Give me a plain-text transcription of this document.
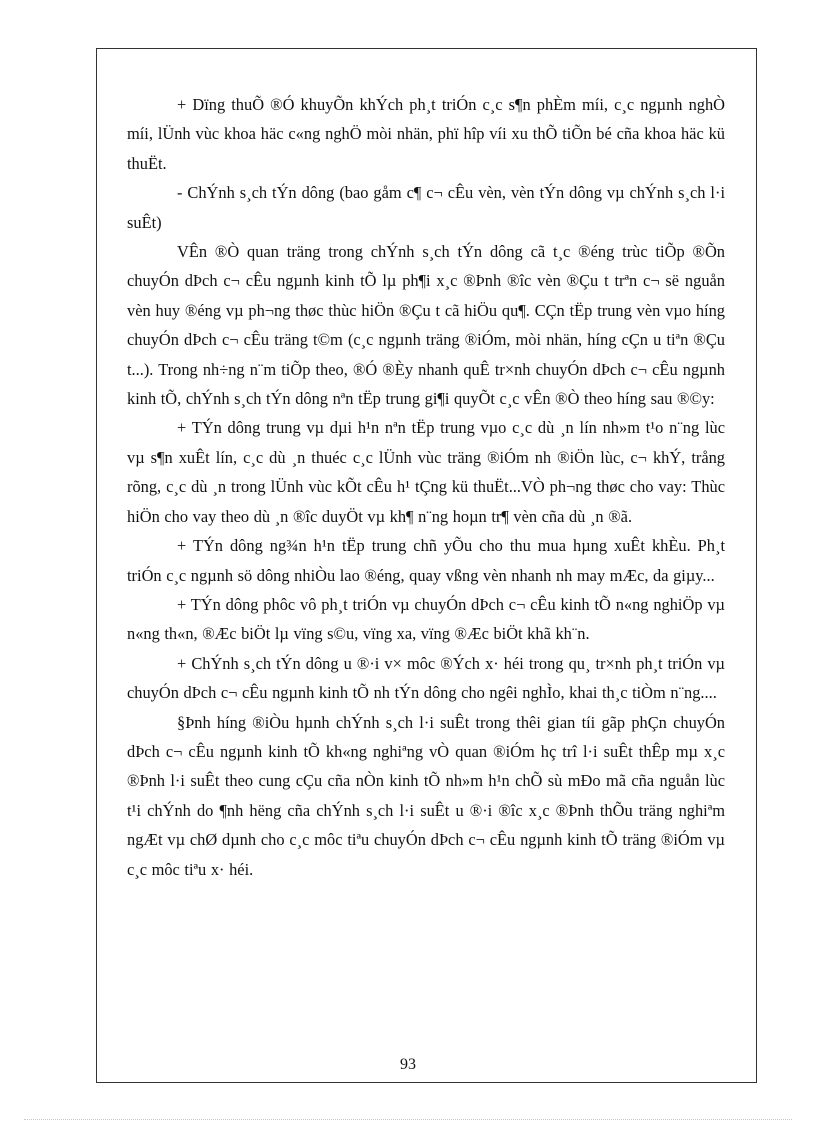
+ Dïng thuÕ ®Ó khuyÕn khÝch ph¸t triÓn c¸c s¶n phÈm míi, c¸c ngµnh nghÒ míi, lÜnh vùc khoa häc c«ng nghÖ mòi nhän, phï hîp víi xu thÕ tiÕn bé cña khoa häc kü thuËt.

- ChÝnh s¸ch tÝn dông (bao gåm c¶ c¬ cÊu vèn, vèn tÝn dông vµ chÝnh s¸ch l·i suÊt)

VÊn ®Ò quan träng trong chÝnh s¸ch tÝn dông cã t¸c ®éng trùc tiÕp ®Õn chuyÓn dÞch c¬ cÊu ngµnh kinh tÕ lµ ph¶i x¸c ®Þnh ®îc vèn ®Çu t trªn c¬ së nguån vèn huy ®éng vµ ph¬ng thøc thùc hiÖn ®Çu t cã hiÖu qu¶. CÇn tËp trung vèn vµo híng chuyÓn dÞch c¬ cÊu träng t©m (c¸c ngµnh träng ®iÓm, mòi nhän, híng cÇn u tiªn ®Çu t...). Trong nh÷ng n¨m tiÕp theo, ®Ó ®Èy nhanh quÊ tr×nh chuyÓn dÞch c¬ cÊu ngµnh kinh tÕ, chÝnh s¸ch tÝn dông nªn tËp trung gi¶i quyÕt c¸c vÊn ®Ò theo híng sau ®©y:

+ TÝn dông trung vµ dµi h¹n nªn tËp trung vµo c¸c dù ¸n lín nh»m t¹o n¨ng lùc vµ s¶n xuÊt lín, c¸c dù ¸n thuéc c¸c lÜnh vùc träng ®iÓm nh ®iÖn lùc, c¬ khÝ, trång rõng, c¸c dù ¸n trong lÜnh vùc kÕt cÊu h¹ tÇng kü thuËt...VÒ ph¬ng thøc cho vay: Thùc hiÖn cho vay theo dù ¸n ®îc duyÖt vµ kh¶ n¨ng hoµn tr¶ vèn cña dù ¸n ®ã.

+ TÝn dông ng¾n h¹n tËp trung chñ yÕu cho thu mua hµng xuÊt khÈu. Ph¸t triÓn c¸c ngµnh sö dông nhiÒu lao ®éng, quay vßng vèn nhanh nh may mÆc, da giµy...

+ TÝn dông phôc vô ph¸t triÓn vµ chuyÓn dÞch c¬ cÊu kinh tÕ n«ng nghiÖp vµ n«ng th«n, ®Æc biÖt lµ vïng s©u, vïng xa, vïng ®Æc biÖt khã kh¨n.

+ ChÝnh s¸ch tÝn dông u ®·i v× môc ®Ých x· héi trong qu¸ tr×nh ph¸t triÓn vµ chuyÓn dÞch c¬ cÊu ngµnh kinh tÕ nh tÝn dông cho ngêi nghÌo, khai th¸c tiÒm n¨ng....

§Þnh híng ®iÒu hµnh chÝnh s¸ch l·i suÊt trong thêi gian tíi gãp phÇn chuyÓn dÞch c¬ cÊu ngµnh kinh tÕ kh«ng nghiªng vÒ quan ®iÓm hç trî l·i suÊt thÊp mµ x¸c ®Þnh l·i suÊt theo cung cÇu cña nÒn kinh tÕ nh»m h¹n chÕ sù mÐo mã cña nguån lùc t¹i chÝnh do ¶nh hëng cña chÝnh s¸ch l·i suÊt u ®·i ®îc x¸c ®Þnh thÕu träng nghiªm ngÆt vµ chØ dµnh cho c¸c môc tiªu chuyÓn dÞch c¬ cÊu ngµnh kinh tÕ träng ®iÓm vµ c¸c môc tiªu x· héi.

93
